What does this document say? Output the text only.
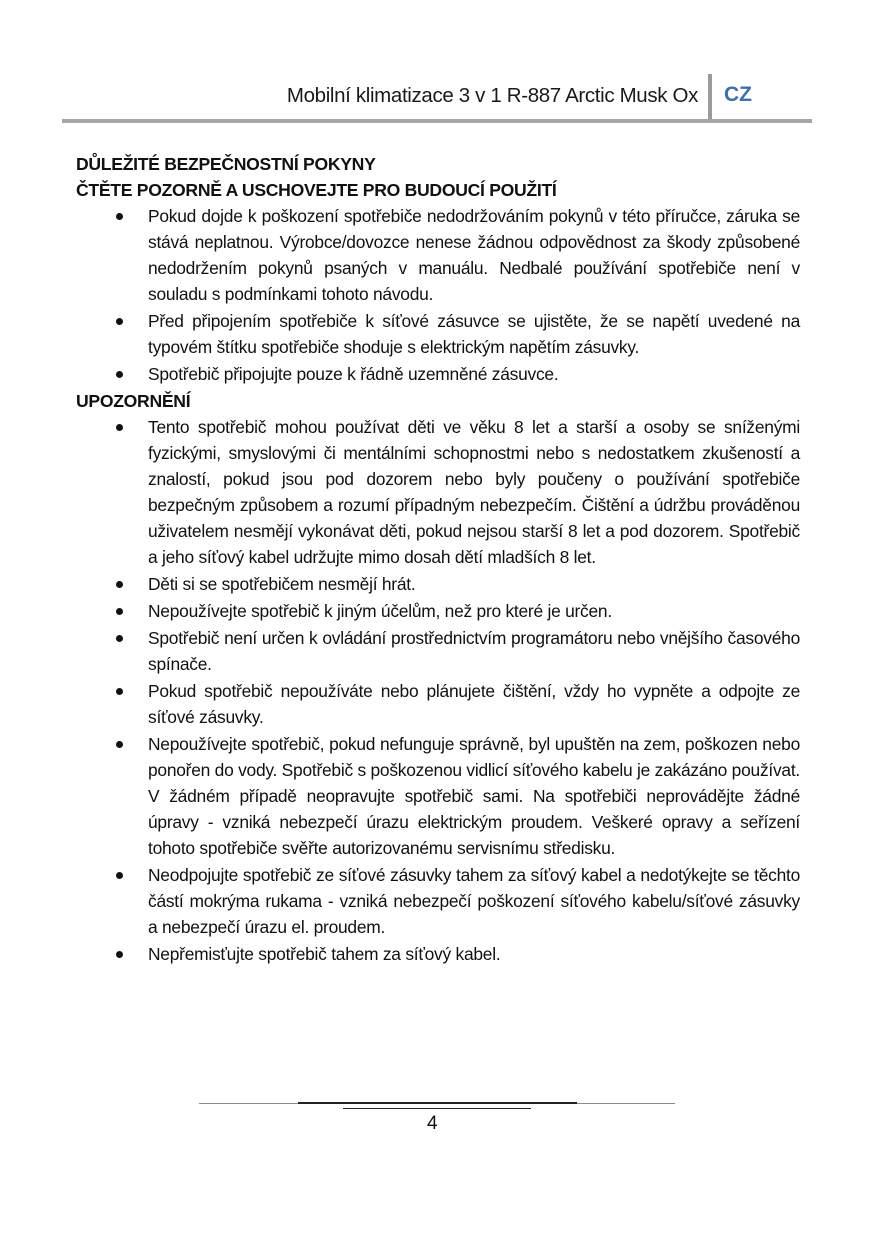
Mobilní klimatizace 3 v 1 R-887 Arctic Musk Ox CZ
DŮLEŽITÉ BEZPEČNOSTNÍ POKYNY
ČTĚTE POZORNĚ A USCHOVEJTE PRO BUDOUCÍ POUŽITÍ
Pokud dojde k poškození spotřebiče nedodržováním pokynů v této příručce, záruka se stává neplatnou. Výrobce/dovozce nenese žádnou odpovědnost za škody způsobené nedodržením pokynů psaných v manuálu. Nedbalé používání spotřebiče není v souladu s podmínkami tohoto návodu.
Před připojením spotřebiče k síťové zásuvce se ujistěte, že se napětí uvedené na typovém štítku spotřebiče shoduje s elektrickým napětím zásuvky.
Spotřebič připojujte pouze k řádně uzemněné zásuvce.
UPOZORNĚNÍ
Tento spotřebič mohou používat děti ve věku 8 let a starší a osoby se sníženými fyzickými, smyslovými či mentálními schopnostmi nebo s nedostatkem zkušeností a znalostí, pokud jsou pod dozorem nebo byly poučeny o používání spotřebiče bezpečným způsobem a rozumí případným nebezpečím. Čištění a údržbu prováděnou uživatelem nesmějí vykonávat děti, pokud nejsou starší 8 let a pod dozorem. Spotřebič a jeho síťový kabel udržujte mimo dosah dětí mladších 8 let.
Děti si se spotřebičem nesmějí hrát.
Nepoužívejte spotřebič k jiným účelům, než pro které je určen.
Spotřebič není určen k ovládání prostřednictvím programátoru nebo vnějšího časového spínače.
Pokud spotřebič nepoužíváte nebo plánujete čištění, vždy ho vypněte a odpojte ze síťové zásuvky.
Nepoužívejte spotřebič, pokud nefunguje správně, byl upuštěn na zem, poškozen nebo ponořen do vody. Spotřebič s poškozenou vidlicí síťového kabelu je zakázáno používat. V žádném případě neopravujte spotřebič sami. Na spotřebiči neprovádějte žádné úpravy - vzniká nebezpečí úrazu elektrickým proudem. Veškeré opravy a seřízení tohoto spotřebiče svěřte autorizovanému servisnímu středisku.
Neodpojujte spotřebič ze síťové zásuvky tahem za síťový kabel a nedotýkejte se těchto částí mokrýma rukama - vzniká nebezpečí poškození síťového kabelu/síťové zásuvky a nebezpečí úrazu el. proudem.
Nepřemisťujte spotřebič tahem za síťový kabel.
4
